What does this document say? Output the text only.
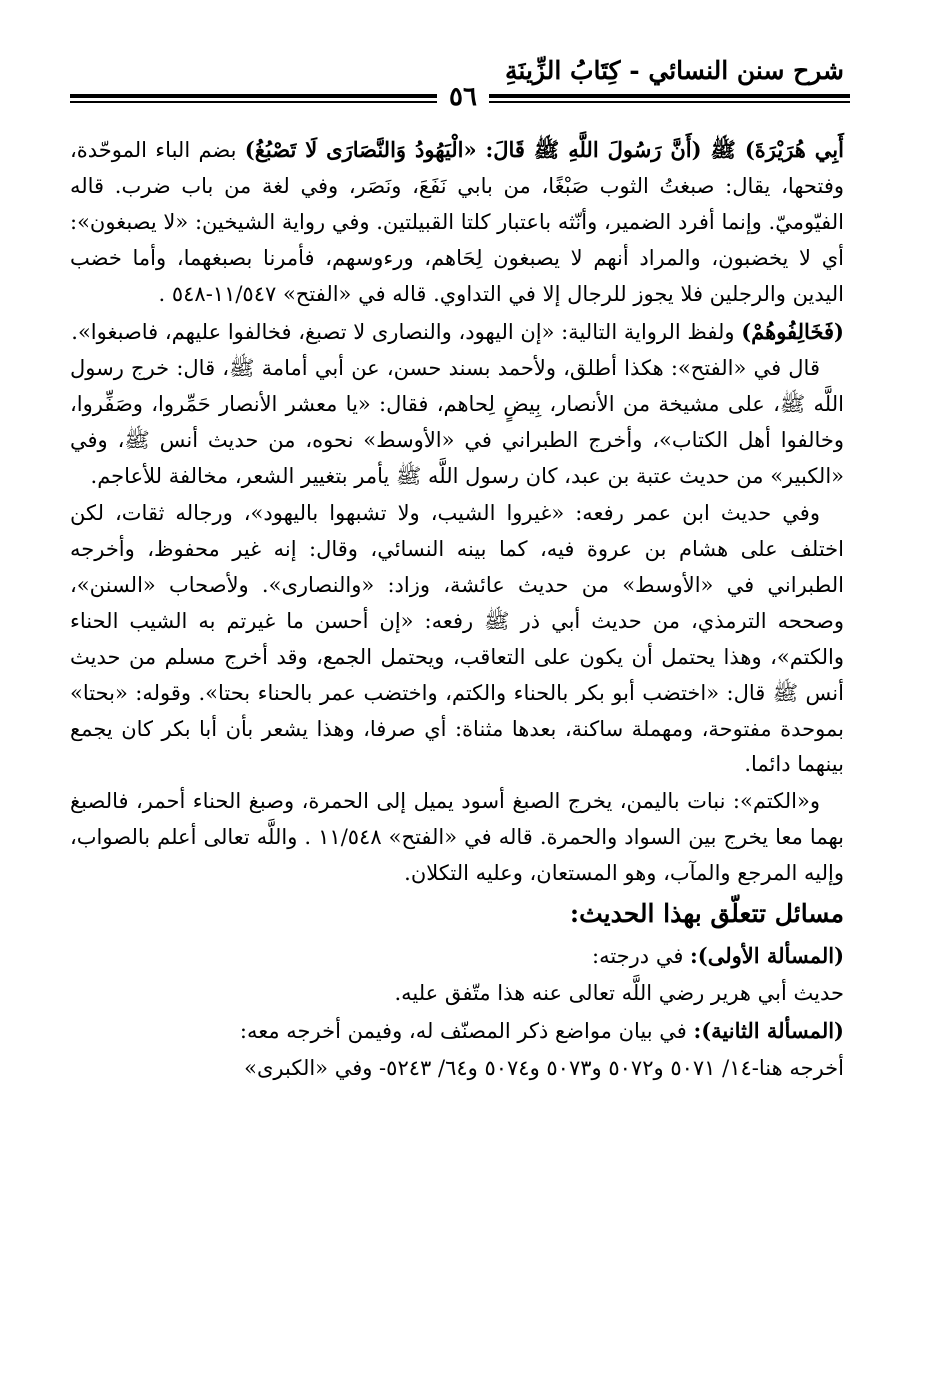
شرح سنن النسائي - كِتَابُ الزِّينَةِ
٥٦

أَبِي هُرَيْرَةَ) ﷺ (أَنَّ رَسُولَ اللَّهِ ﷺ قَالَ: «الْيَهُودُ وَالنَّصَارَى لَا تَصْبُغُ) بضم الباء الموحّدة، وفتحها، يقال: صبغتُ الثوب صَبْغًا، من بابي نَفَعَ، ونَصَر، وفي لغة من باب ضرب. قاله الفيّوميّ. وإنما أفرد الضمير، وأنّثه باعتبار كلتا القبيلتين. وفي رواية الشيخين: «لا يصبغون»: أي لا يخضبون، والمراد أنهم لا يصبغون لِحَاهم، ورءوسهم، فأمرنا بصبغهما، وأما خضب اليدين والرجلين فلا يجوز للرجال إلا في التداوي. قاله في «الفتح» ١١/٥٤٧-٥٤٨ .

(فَخَالِفُوهُمْ) ولفظ الرواية التالية: «إن اليهود، والنصارى لا تصبغ، فخالفوا عليهم، فاصبغوا».

قال في «الفتح»: هكذا أطلق، ولأحمد بسند حسن، عن أبي أمامة ﷺ، قال: خرج رسول اللَّه ﷺ، على مشيخة من الأنصار، بِيضٍ لِحاهم، فقال: «يا معشر الأنصار حَمِّروا، وصَفِّروا، وخالفوا أهل الكتاب»، وأخرج الطبراني في «الأوسط» نحوه، من حديث أنس ﷺ، وفي «الكبير» من حديث عتبة بن عبد، كان رسول اللَّه ﷺ يأمر بتغيير الشعر، مخالفة للأعاجم.

وفي حديث ابن عمر رفعه: «غيروا الشيب، ولا تشبهوا باليهود»، ورجاله ثقات، لكن اختلف على هشام بن عروة فيه، كما بينه النسائي، وقال: إنه غير محفوظ، وأخرجه الطبراني في «الأوسط» من حديث عائشة، وزاد: «والنصارى». ولأصحاب «السنن»، وصححه الترمذي، من حديث أبي ذر ﷺ رفعه: «إن أحسن ما غيرتم به الشيب الحناء والكتم»، وهذا يحتمل أن يكون على التعاقب، ويحتمل الجمع، وقد أخرج مسلم من حديث أنس ﷺ قال: «اختضب أبو بكر بالحناء والكتم، واختضب عمر بالحناء بحتا». وقوله: «بحتا» بموحدة مفتوحة، ومهملة ساكنة، بعدها مثناة: أي صرفا، وهذا يشعر بأن أبا بكر كان يجمع بينهما دائما.

و«الكتم»: نبات باليمن، يخرج الصبغ أسود يميل إلى الحمرة، وصبغ الحناء أحمر، فالصبغ بهما معا يخرج بين السواد والحمرة. قاله في «الفتح» ١١/٥٤٨ . واللَّه تعالى أعلم بالصواب، وإليه المرجع والمآب، وهو المستعان، وعليه التكلان.

مسائل تتعلّق بهذا الحديث:

(المسألة الأولى): في درجته:

حديث أبي هرير رضي اللَّه تعالى عنه هذا متّفق عليه.

(المسألة الثانية): في بيان مواضع ذكر المصنّف له، وفيمن أخرجه معه:

أخرجه هنا-١٤/ ٥٠٧١ و٥٠٧٢ و٥٠٧٣ و٥٠٧٤ و٦٤/ ٥٢٤٣- وفي «الكبرى»
